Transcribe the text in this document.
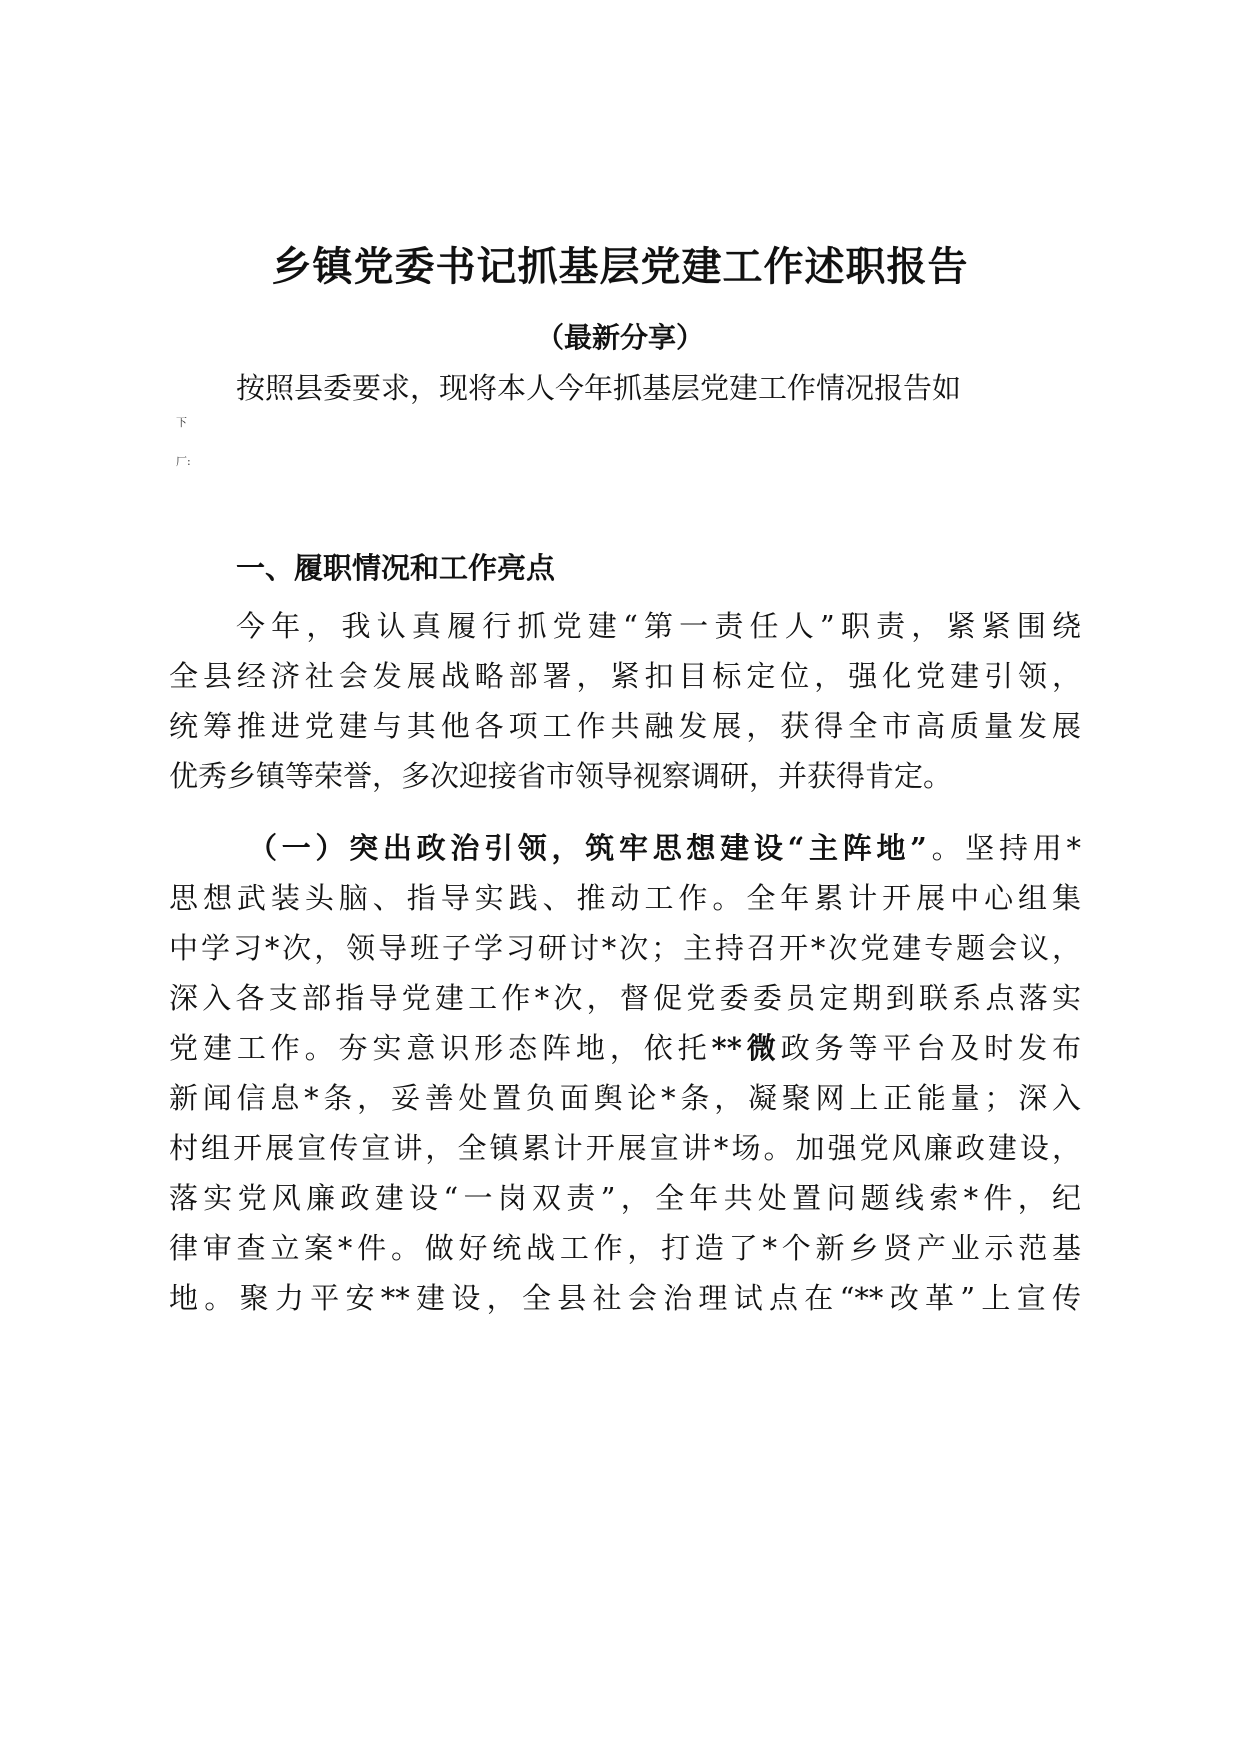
乡镇党委书记抓基层党建工作述职报告
（最新分享）
按照县委要求，现将本人今年抓基层党建工作情况报告如
下
厂:
一、履职情况和工作亮点
今年，我认真履行抓党建“第一责任人”职责，紧紧围绕
全县经济社会发展战略部署，紧扣目标定位，强化党建引领，
统筹推进党建与其他各项工作共融发展，获得全市高质量发展
优秀乡镇等荣誉，多次迎接省市领导视察调研，并获得肯定。
（一）突出政治引领，筑牢思想建设“主阵地”。坚持用*
思想武装头脑、指导实践、推动工作。全年累计开展中心组集
中学习*次，领导班子学习研讨*次；主持召开*次党建专题会议，
深入各支部指导党建工作*次，督促党委委员定期到联系点落实
党建工作。夯实意识形态阵地，依托**微政务等平台及时发布
新闻信息*条，妥善处置负面舆论*条，凝聚网上正能量；深入
村组开展宣传宣讲，全镇累计开展宣讲*场。加强党风廉政建设，
落实党风廉政建设“一岗双责”，全年共处置问题线索*件，纪
律审查立案*件。做好统战工作，打造了*个新乡贤产业示范基
地。聚力平安**建设，全县社会治理试点在“**改革”上宣传
